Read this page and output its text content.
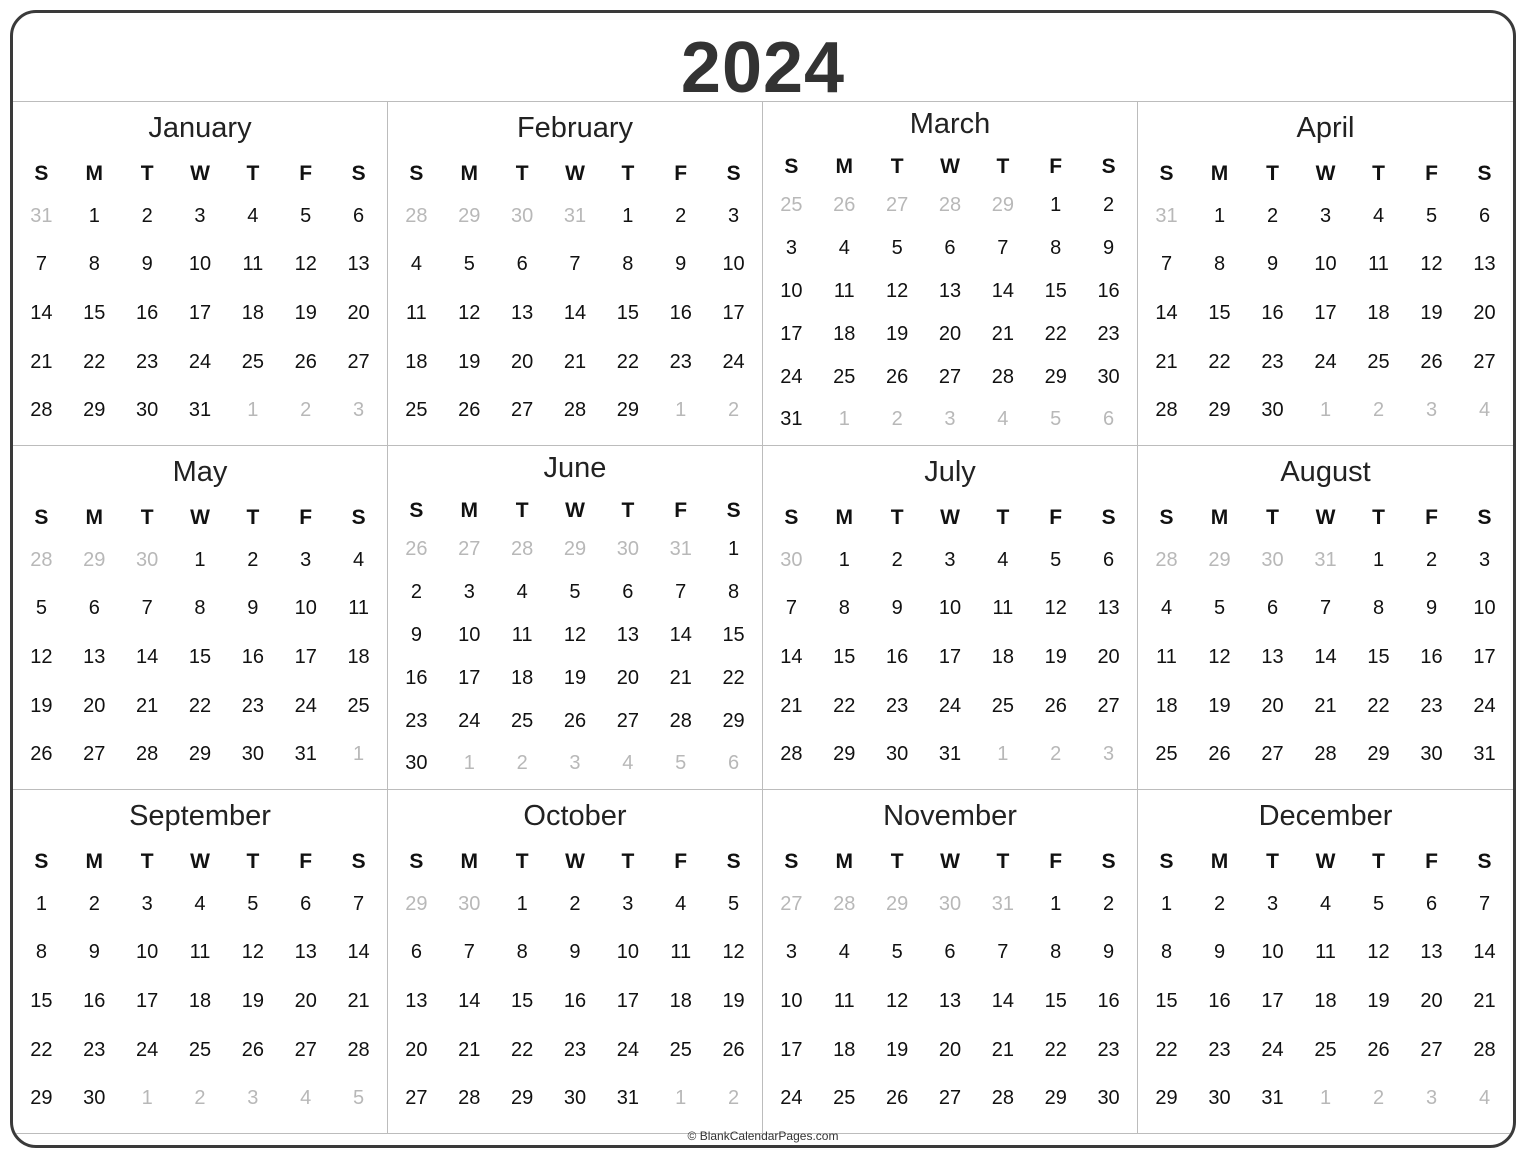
2024
January
S	M	T	W	T	F	S
31	1	2	3	4	5	6
7	8	9	10	11	12	13
14	15	16	17	18	19	20
21	22	23	24	25	26	27
28	29	30	31	1	2	3
February
S	M	T	W	T	F	S
28	29	30	31	1	2	3
4	5	6	7	8	9	10
11	12	13	14	15	16	17
18	19	20	21	22	23	24
25	26	27	28	29	1	2
March
S	M	T	W	T	F	S
25	26	27	28	29	1	2
3	4	5	6	7	8	9
10	11	12	13	14	15	16
17	18	19	20	21	22	23
24	25	26	27	28	29	30
31	1	2	3	4	5	6
April
S	M	T	W	T	F	S
31	1	2	3	4	5	6
7	8	9	10	11	12	13
14	15	16	17	18	19	20
21	22	23	24	25	26	27
28	29	30	1	2	3	4
May
S	M	T	W	T	F	S
28	29	30	1	2	3	4
5	6	7	8	9	10	11
12	13	14	15	16	17	18
19	20	21	22	23	24	25
26	27	28	29	30	31	1
June
S	M	T	W	T	F	S
26	27	28	29	30	31	1
2	3	4	5	6	7	8
9	10	11	12	13	14	15
16	17	18	19	20	21	22
23	24	25	26	27	28	29
30	1	2	3	4	5	6
July
S	M	T	W	T	F	S
30	1	2	3	4	5	6
7	8	9	10	11	12	13
14	15	16	17	18	19	20
21	22	23	24	25	26	27
28	29	30	31	1	2	3
August
S	M	T	W	T	F	S
28	29	30	31	1	2	3
4	5	6	7	8	9	10
11	12	13	14	15	16	17
18	19	20	21	22	23	24
25	26	27	28	29	30	31
September
S	M	T	W	T	F	S
1	2	3	4	5	6	7
8	9	10	11	12	13	14
15	16	17	18	19	20	21
22	23	24	25	26	27	28
29	30	1	2	3	4	5
October
S	M	T	W	T	F	S
29	30	1	2	3	4	5
6	7	8	9	10	11	12
13	14	15	16	17	18	19
20	21	22	23	24	25	26
27	28	29	30	31	1	2
November
S	M	T	W	T	F	S
27	28	29	30	31	1	2
3	4	5	6	7	8	9
10	11	12	13	14	15	16
17	18	19	20	21	22	23
24	25	26	27	28	29	30
December
S	M	T	W	T	F	S
1	2	3	4	5	6	7
8	9	10	11	12	13	14
15	16	17	18	19	20	21
22	23	24	25	26	27	28
29	30	31	1	2	3	4
© BlankCalendarPages.com
